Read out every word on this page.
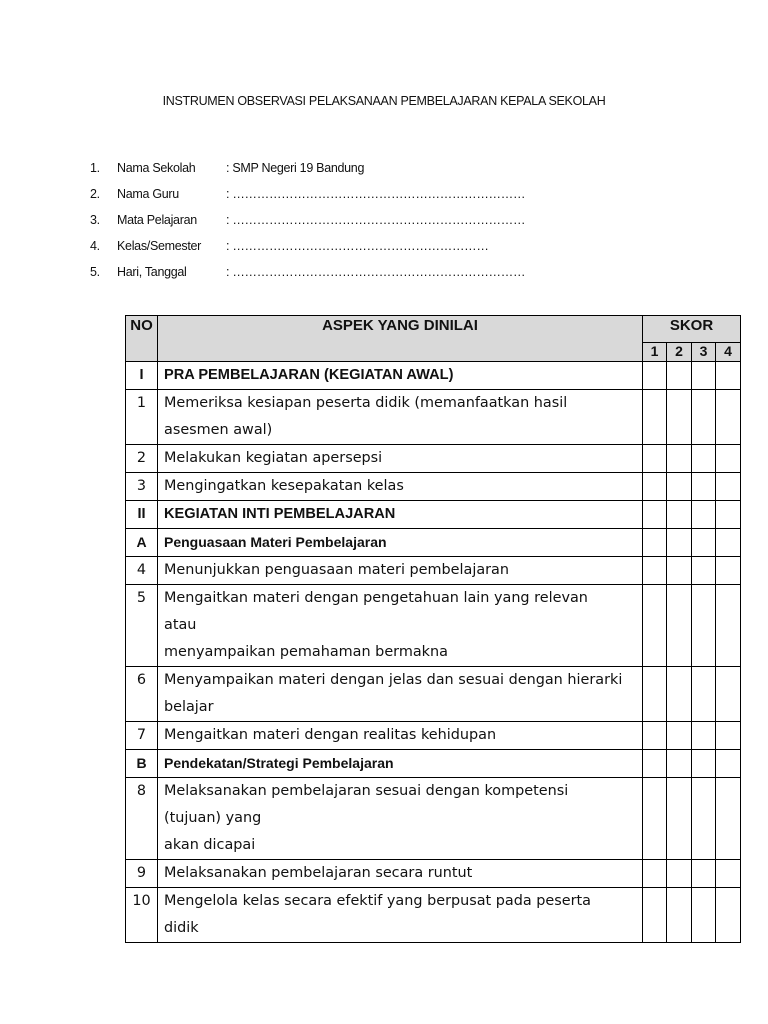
INSTRUMEN OBSERVASI PELAKSANAAN PEMBELAJARAN KEPALA SEKOLAH
1.	Nama Sekolah : SMP Negeri 19 Bandung
2.	Nama Guru	: ………………………………………………………………
3.	Mata Pelajaran : ………………………………………………………………
4.	Kelas/Semester : ………………………………………………………
5.	Hari, Tanggal	: ………………………………………………………………
NO	ASPEK YANG DINILAI	SKOR			
		1	2	3	4
I	PRA PEMBELAJARAN (KEGIATAN AWAL)				

1	Memeriksa kesiapan peserta didik (memanfaatkan hasil
asesmen awal)				

2	Melakukan kegiatan apersepsi				

3	Mengingatkan kesepakatan kelas				

II	KEGIATAN INTI PEMBELAJARAN				

A	Penguasaan Materi Pembelajaran				

4	Menunjukkan penguasaan materi pembelajaran				

5	Mengaitkan materi dengan pengetahuan lain yang relevan
atau
menyampaikan pemahaman bermakna				

6	Menyampaikan materi dengan jelas dan sesuai dengan hierarki
belajar				

7	Mengaitkan materi dengan realitas kehidupan				

B	Pendekatan/Strategi Pembelajaran				

8	Melaksanakan pembelajaran sesuai dengan kompetensi
(tujuan) yang
akan dicapai				

9	Melaksanakan pembelajaran secara runtut				

10	Mengelola kelas secara efektif yang berpusat pada peserta
didik				
